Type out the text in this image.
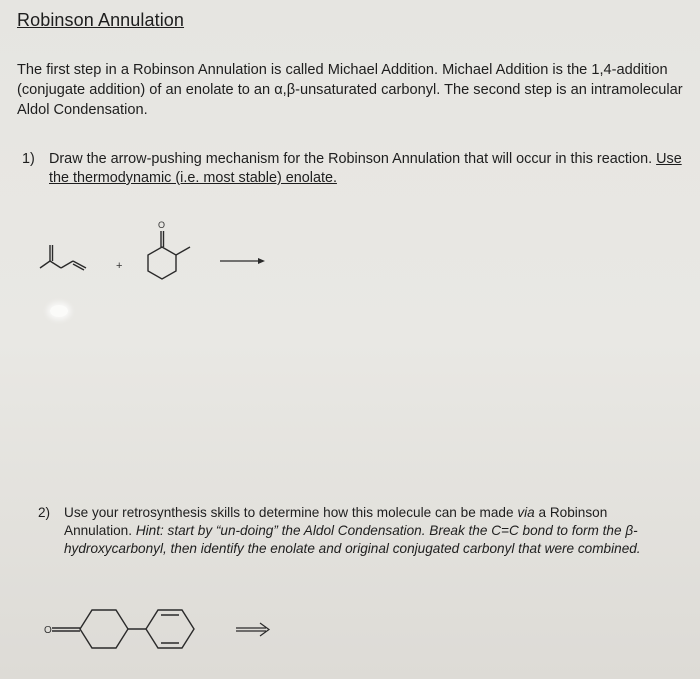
Robinson Annulation
The first step in a Robinson Annulation is called Michael Addition. Michael Addition is the 1,4-addition (conjugate addition) of an enolate to an α,β-unsaturated carbonyl. The second step is an intramolecular Aldol Condensation.
1) Draw the arrow-pushing mechanism for the Robinson Annulation that will occur in this reaction. Use the thermodynamic (i.e. most stable) enolate.
+
O
2) Use your retrosynthesis skills to determine how this molecule can be made via a Robinson Annulation. Hint: start by “un-doing” the Aldol Condensation. Break the C=C bond to form the β-hydroxycarbonyl, then identify the enolate and original conjugated carbonyl that were combined.
O
